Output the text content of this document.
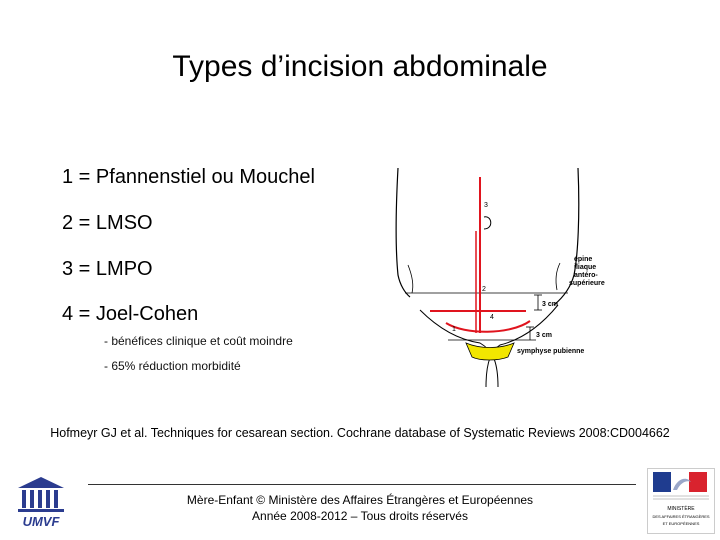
Types d’incision abdominale
1 = Pfannenstiel ou Mouchel
2 = LMSO
3 = LMPO
4 = Joel-Cohen
- bénéfices clinique et coût moindre
- 65% réduction morbidité
3
2
4
1
épine
iliaque
antéro-
supérieure
3 cm
3 cm
symphyse pubienne
Hofmeyr GJ et al. Techniques for cesarean section. Cochrane database of Systematic Reviews 2008:CD004662
Mère-Enfant © Ministère des Affaires Étrangères et Européennes
Année 2008-2012 – Tous droits réservés
UMVF
MINISTÈRE
DES AFFAIRES ÉTRANGÈRES
ET EUROPÉENNES
